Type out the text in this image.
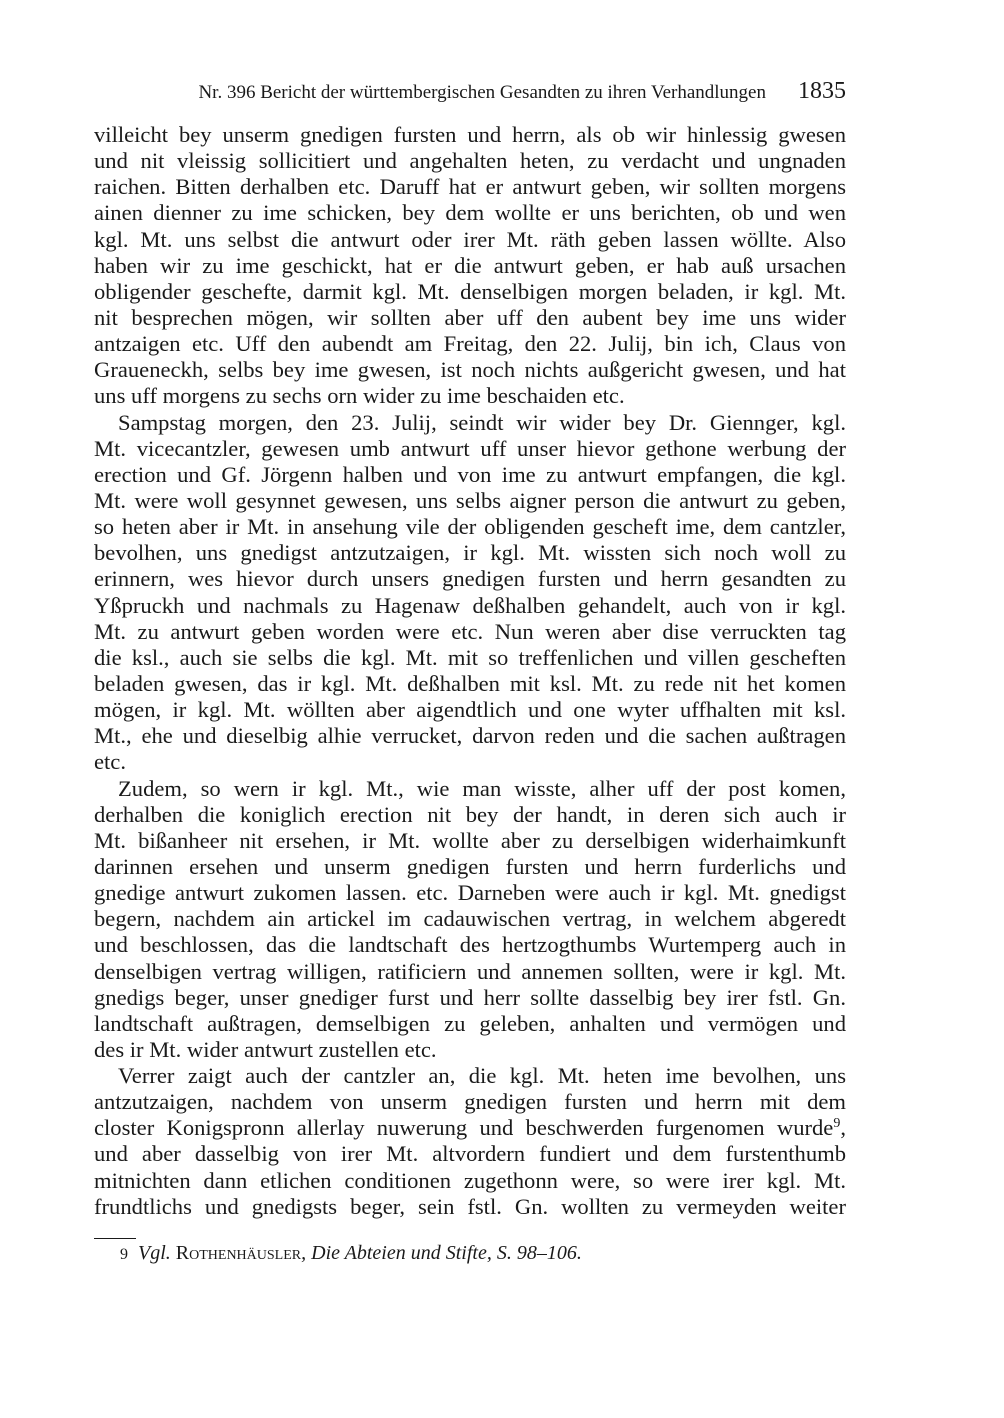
Nr. 396 Bericht der württembergischen Gesandten zu ihren Verhandlungen 1835
villeicht bey unserm gnedigen fursten und herrn, als ob wir hinlessig gwesen
und nit vleissig sollicitiert und angehalten heten, zu verdacht und ungnaden
raichen. Bitten derhalben etc. Daruff hat er antwurt geben, wir sollten morgens
ainen dienner zu ime schicken, bey dem wollte er uns berichten, ob und wen
kgl. Mt. uns selbst die antwurt oder irer Mt. räth geben lassen wöllte. Also
haben wir zu ime geschickt, hat er die antwurt geben, er hab auß ursachen
obligender geschefte, darmit kgl. Mt. denselbigen morgen beladen, ir kgl. Mt.
nit besprechen mögen, wir sollten aber uff den aubent bey ime uns wider
antzaigen etc. Uff den aubendt am Freitag, den 22. Julij, bin ich, Claus von
Graueneckh, selbs bey ime gwesen, ist noch nichts außgericht gwesen, und hat
uns uff morgens zu sechs orn wider zu ime beschaiden etc.
Sampstag morgen, den 23. Julij, seindt wir wider bey Dr. Giennger, kgl.
Mt. vicecantzler, gewesen umb antwurt uff unser hievor gethone werbung der
erection und Gf. Jörgenn halben und von ime zu antwurt empfangen, die kgl.
Mt. were woll gesynnet gewesen, uns selbs aigner person die antwurt zu geben,
so heten aber ir Mt. in ansehung vile der obligenden gescheft ime, dem cantzler,
bevolhen, uns gnedigst antzutzaigen, ir kgl. Mt. wissten sich noch woll zu
erinnern, wes hievor durch unsers gnedigen fursten und herrn gesandten zu
Yßpruckh und nachmals zu Hagenaw deßhalben gehandelt, auch von ir kgl.
Mt. zu antwurt geben worden were etc. Nun weren aber dise verruckten tag
die ksl., auch sie selbs die kgl. Mt. mit so treffenlichen und villen gescheften
beladen gwesen, das ir kgl. Mt. deßhalben mit ksl. Mt. zu rede nit het komen
mögen, ir kgl. Mt. wöllten aber aigendtlich und one wyter uffhalten mit ksl.
Mt., ehe und dieselbig alhie verrucket, darvon reden und die sachen außtragen
etc.
Zudem, so wern ir kgl. Mt., wie man wisste, alher uff der post komen,
derhalben die koniglich erection nit bey der handt, in deren sich auch ir
Mt. bißanheer nit ersehen, ir Mt. wollte aber zu derselbigen widerhaimkunft
darinnen ersehen und unserm gnedigen fursten und herrn furderlichs und
gnedige antwurt zukomen lassen. etc. Darneben were auch ir kgl. Mt. gnedigst
begern, nachdem ain artickel im cadauwischen vertrag, in welchem abgeredt
und beschlossen, das die landtschaft des hertzogthumbs Wurtemperg auch in
denselbigen vertrag willigen, ratificiern und annemen sollten, were ir kgl. Mt.
gnedigs beger, unser gnediger furst und herr sollte dasselbig bey irer fstl. Gn.
landtschaft außtragen, demselbigen zu geleben, anhalten und vermögen und
des ir Mt. wider antwurt zustellen etc.
Verrer zaigt auch der cantzler an, die kgl. Mt. heten ime bevolhen, uns
antzutzaigen, nachdem von unserm gnedigen fursten und herrn mit dem
closter Konigspronn allerlay nuwerung und beschwerden furgenomen wurde$^9$,
und aber dasselbig von irer Mt. altvordern fundiert und dem furstenthumb
mitnichten dann etlichen conditionen zugethonn were, so were irer kgl. Mt.
frundtlichs und gnedigsts beger, sein fstl. Gn. wollten zu vermeyden weiter
9 Vgl. Rothenhäusler, Die Abteien und Stifte, S. 98–106.
